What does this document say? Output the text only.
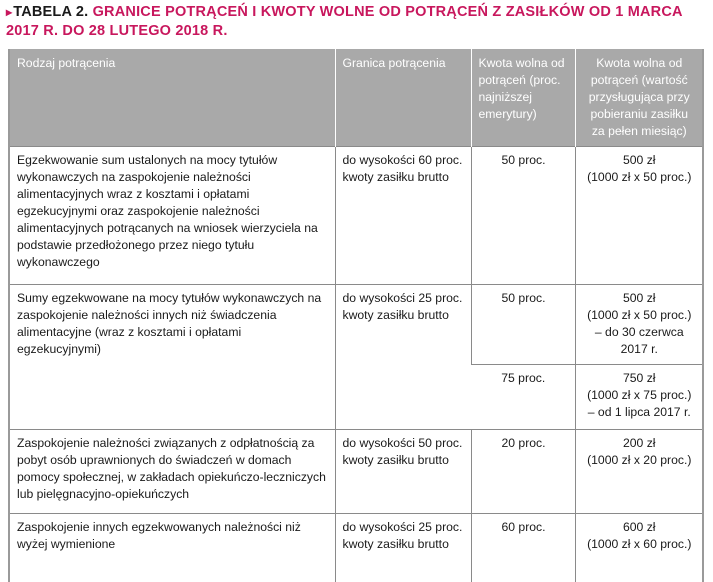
▸TABELA 2. GRANICE POTRĄCEŃ I KWOTY WOLNE OD POTRĄCEŃ Z ZASIŁKÓW OD 1 MARCA 2017 R. DO 28 LUTEGO 2018 R.
Rodzaj potrącenia	Granica potrącenia	Kwota wolna od potrąceń (proc. najniższej emerytury)	Kwota wolna od potrąceń (wartość przysługująca przy pobieraniu zasiłku za pełen miesiąc)
Egzekwowanie sum ustalonych na mocy tytułów wykonawczych na zaspokojenie należności alimentacyjnych wraz z kosztami i opłatami egzekucyjnymi oraz zaspokojenie należności alimentacyjnych potrącanych na wniosek wierzyciela na podstawie przedłożonego przez niego tytułu wykonawczego	do wysokości 60 proc. kwoty zasiłku brutto	50 proc.	500 zł
(1000 zł x 50 proc.)

Sumy egzekwowane na mocy tytułów wykonawczych na zaspokojenie należności innych niż świadczenia alimentacyjne (wraz z kosztami i opłatami egzekucyjnymi)	do wysokości 25 proc. kwoty zasiłku brutto	50 proc.	500 zł
(1000 zł x 50 proc.)
– do 30 czerwca 2017 r.

		75 proc.	750 zł
(1000 zł x 75 proc.)
– od 1 lipca 2017 r.

Zaspokojenie należności związanych z odpłatnością za pobyt osób uprawnionych do świadczeń w domach pomocy społecznej, w zakładach opiekuńczo-leczniczych lub pielęgnacyjno-opiekuńczych	do wysokości 50 proc. kwoty zasiłku brutto	20 proc.	200 zł
(1000 zł x 20 proc.)

Zaspokojenie innych egzekwowanych należności niż wyżej wymienione	do wysokości 25 proc. kwoty zasiłku brutto	60 proc.	600 zł
(1000 zł x 60 proc.)
